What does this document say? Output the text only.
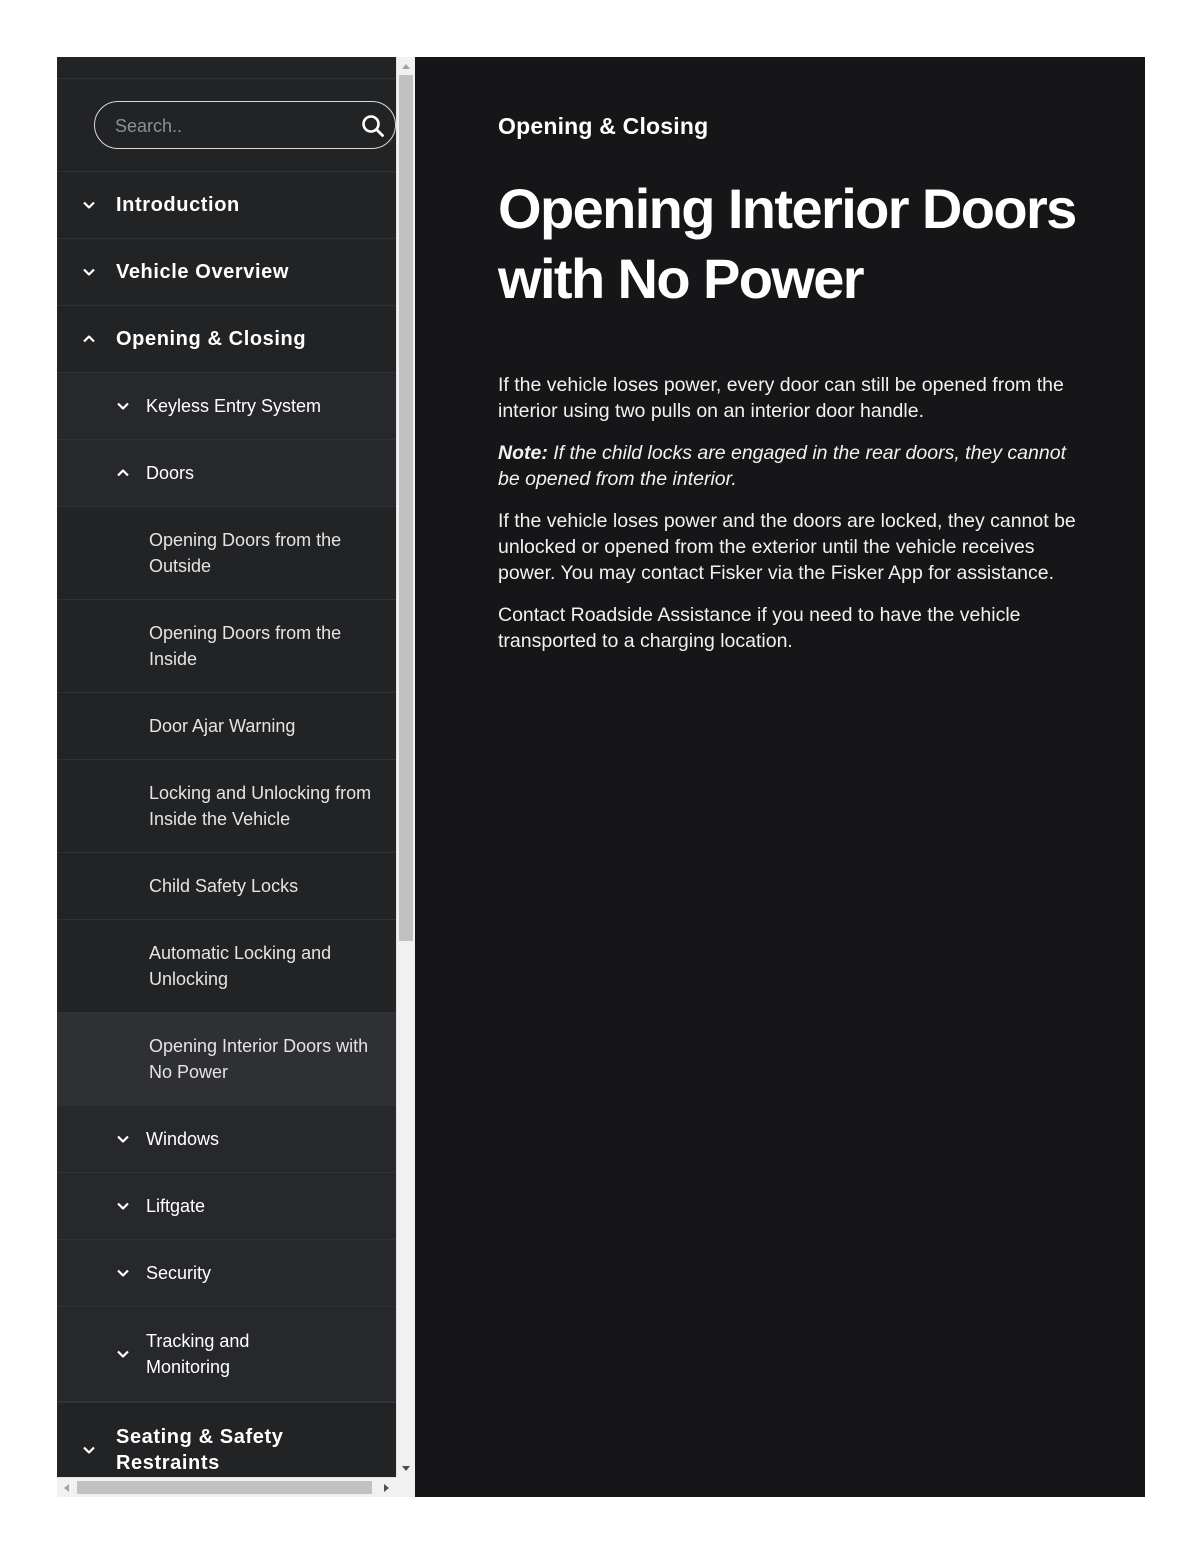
Search..
Introduction
Vehicle Overview
Opening & Closing
Keyless Entry System
Doors
Opening Doors from the Outside
Opening Doors from the Inside
Door Ajar Warning
Locking and Unlocking from Inside the Vehicle
Child Safety Locks
Automatic Locking and Unlocking
Opening Interior Doors with No Power
Windows
Liftgate
Security
Tracking and Monitoring
Seating & Safety Restraints
Opening & Closing
Opening Interior Doors with No Power

If the vehicle loses power, every door can still be opened from the interior using two pulls on an interior door handle.

Note: If the child locks are engaged in the rear doors, they cannot be opened from the interior.

If the vehicle loses power and the doors are locked, they cannot be unlocked or opened from the exterior until the vehicle receives power. You may contact Fisker via the Fisker App for assistance.

Contact Roadside Assistance if you need to have the vehicle transported to a charging location.
